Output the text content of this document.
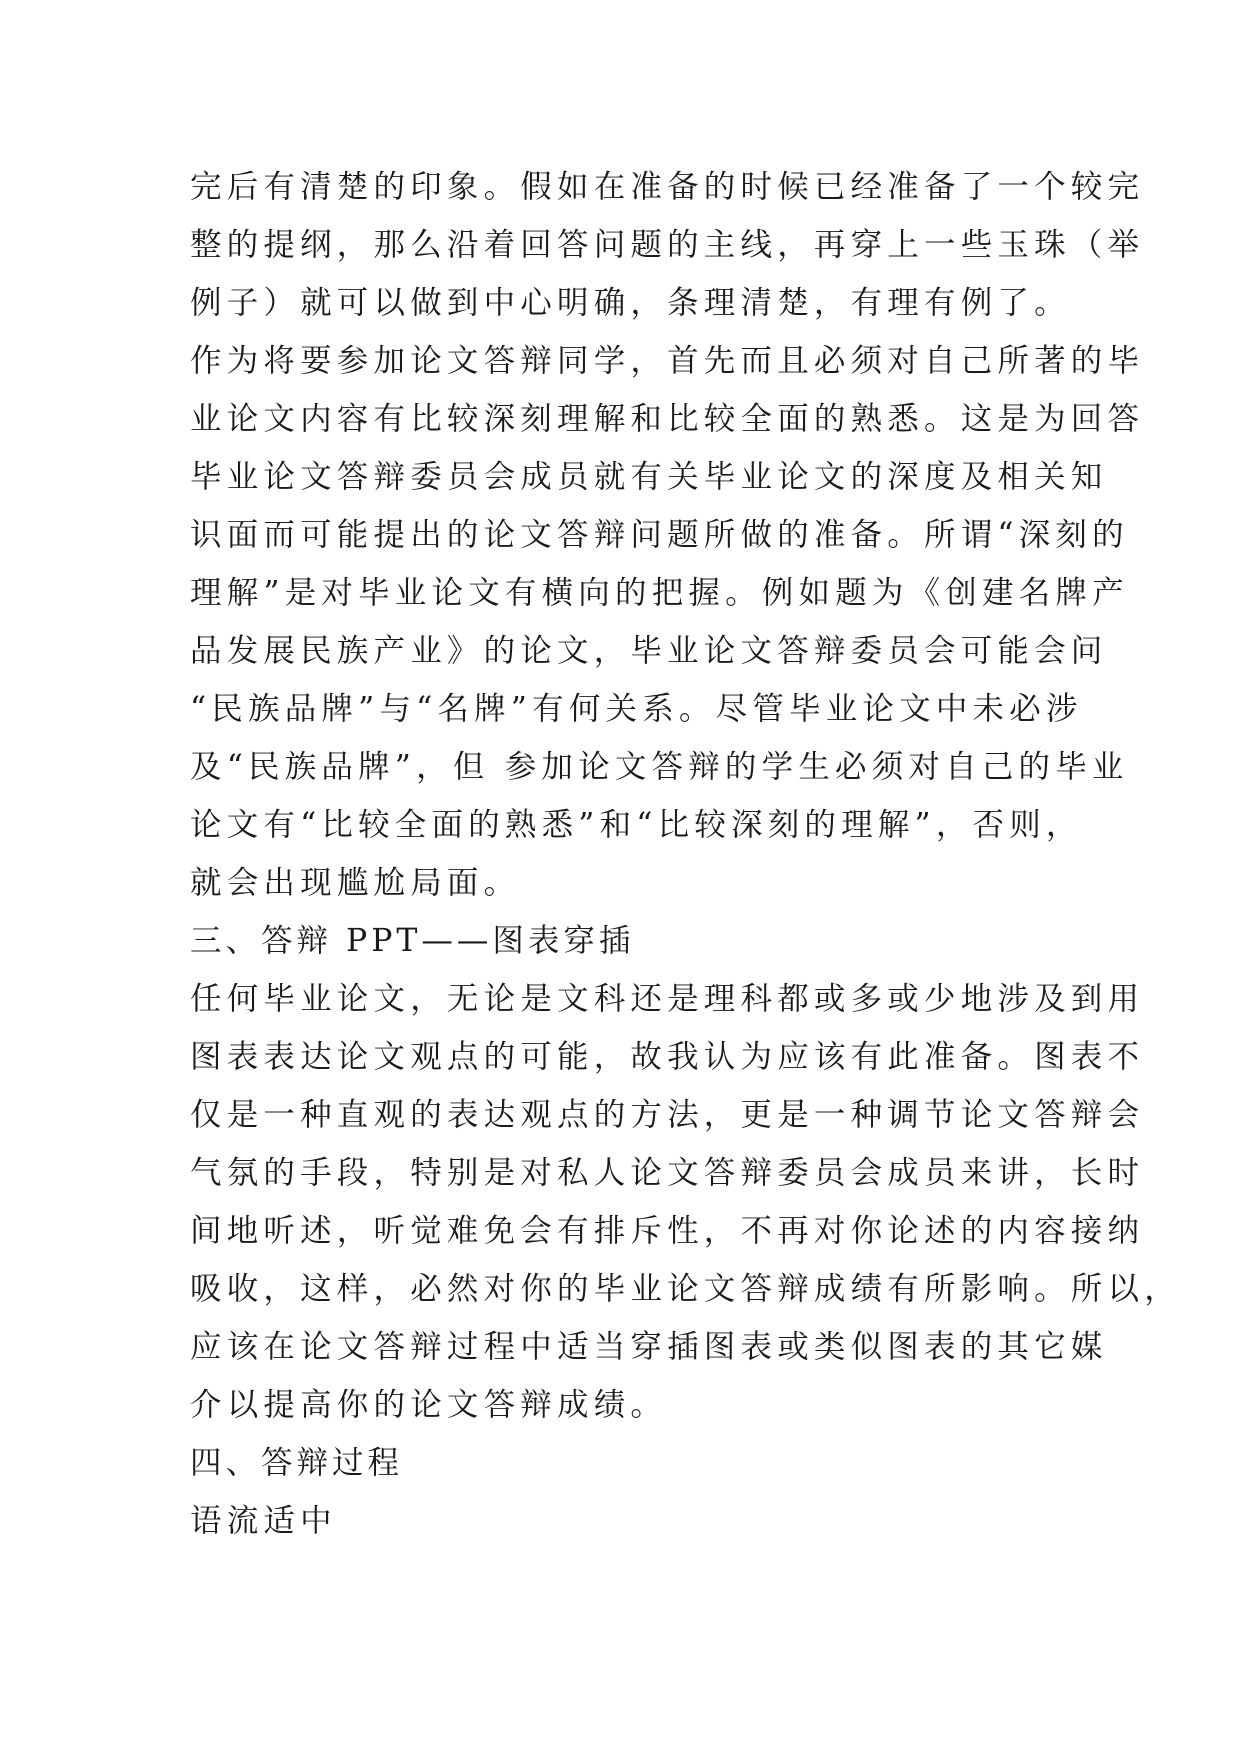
完后有清楚的印象。假如在准备的时候已经准备了一个较完
整的提纲，那么沿着回答问题的主线，再穿上一些玉珠（举
例子）就可以做到中心明确，条理清楚，有理有例了。
作为将要参加论文答辩同学，首先而且必须对自己所著的毕
业论文内容有比较深刻理解和比较全面的熟悉。这是为回答
毕业论文答辩委员会成员就有关毕业论文的深度及相关知
识面而可能提出的论文答辩问题所做的准备。所谓“深刻的
理解”是对毕业论文有横向的把握。例如题为《创建名牌产
品发展民族产业》的论文，毕业论文答辩委员会可能会问
“民族品牌”与“名牌”有何关系。尽管毕业论文中未必涉
及“民族品牌”，但 参加论文答辩的学生必须对自己的毕业
论文有“比较全面的熟悉”和“比较深刻的理解”，否则，
就会出现尴尬局面。
三、答辩 PPT——图表穿插
任何毕业论文，无论是文科还是理科都或多或少地涉及到用
图表表达论文观点的可能，故我认为应该有此准备。图表不
仅是一种直观的表达观点的方法，更是一种调节论文答辩会
气氛的手段，特别是对私人论文答辩委员会成员来讲，长时
间地听述，听觉难免会有排斥性，不再对你论述的内容接纳
吸收，这样，必然对你的毕业论文答辩成绩有所影响。所以，
应该在论文答辩过程中适当穿插图表或类似图表的其它媒
介以提高你的论文答辩成绩。
四、答辩过程
语流适中
